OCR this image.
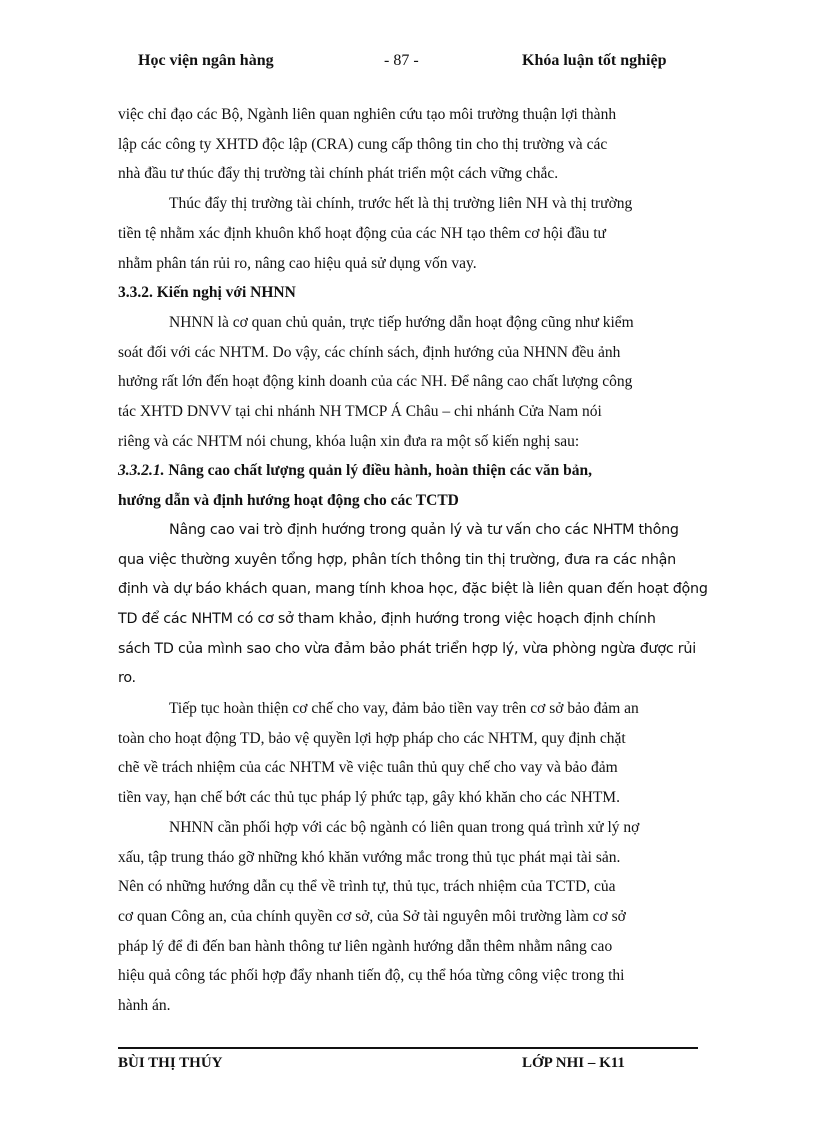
Học viện ngân hàng	- 87 -	Khóa luận tốt nghiệp

việc chỉ đạo các Bộ, Ngành liên quan nghiên cứu tạo môi trường thuận lợi thành
lập các công ty XHTD độc lập (CRA) cung cấp thông tin cho thị trường và các
nhà đầu tư thúc đẩy thị trường tài chính phát triển một cách vững chắc.

Thúc đẩy thị trường tài chính, trước hết là thị trường liên NH và thị trường
tiền tệ nhằm xác định khuôn khổ hoạt động của các NH tạo thêm cơ hội đầu tư
nhằm phân tán rủi ro, nâng cao hiệu quả sử dụng vốn vay.

3.3.2. Kiến nghị với NHNN

NHNN là cơ quan chủ quản, trực tiếp hướng dẫn hoạt động cũng như kiểm
soát đối với các NHTM. Do vậy, các chính sách, định hướng của NHNN đều ảnh
hưởng rất lớn đến hoạt động kinh doanh của các NH. Để nâng cao chất lượng công
tác XHTD DNVV tại chi nhánh NH TMCP Á Châu – chi nhánh Cửa Nam nói
riêng và các NHTM nói chung, khóa luận xin đưa ra một số kiến nghị sau:

3.3.2.1. Nâng cao chất lượng quản lý điều hành, hoàn thiện các văn bản,
hướng dẫn và định hướng hoạt động cho các TCTD

Nâng cao vai trò định hướng trong quản lý và tư vấn cho các NHTM thông
qua việc thường xuyên tổng hợp, phân tích thông tin thị trường, đưa ra các nhận
định và dự báo khách quan, mang tính khoa học, đặc biệt là liên quan đến hoạt động
TD để các NHTM có cơ sở tham khảo, định hướng trong việc hoạch định chính
sách TD của mình sao cho vừa đảm bảo phát triển hợp lý, vừa phòng ngừa được rủi
ro.

Tiếp tục hoàn thiện cơ chế cho vay, đảm bảo tiền vay trên cơ sở bảo đảm an
toàn cho hoạt động TD, bảo vệ quyền lợi hợp pháp cho các NHTM, quy định chặt
chẽ về trách nhiệm của các NHTM về việc tuân thủ quy chế cho vay và bảo đảm
tiền vay, hạn chế bớt các thủ tục pháp lý phức tạp, gây khó khăn cho các NHTM.

NHNN cần phối hợp với các bộ ngành có liên quan trong quá trình xử lý nợ
xấu, tập trung tháo gỡ những khó khăn vướng mắc trong thủ tục phát mại tài sản.
Nên có những hướng dẫn cụ thể về trình tự, thủ tục, trách nhiệm của TCTD, của
cơ quan Công an, của chính quyền cơ sở, của Sở tài nguyên môi trường làm cơ sở
pháp lý để đi đến ban hành thông tư liên ngành hướng dẫn thêm nhằm nâng cao
hiệu quả công tác phối hợp đẩy nhanh tiến độ, cụ thể hóa từng công việc trong thi
hành án.

BÙI THỊ THÚY	LỚP NHI – K11
